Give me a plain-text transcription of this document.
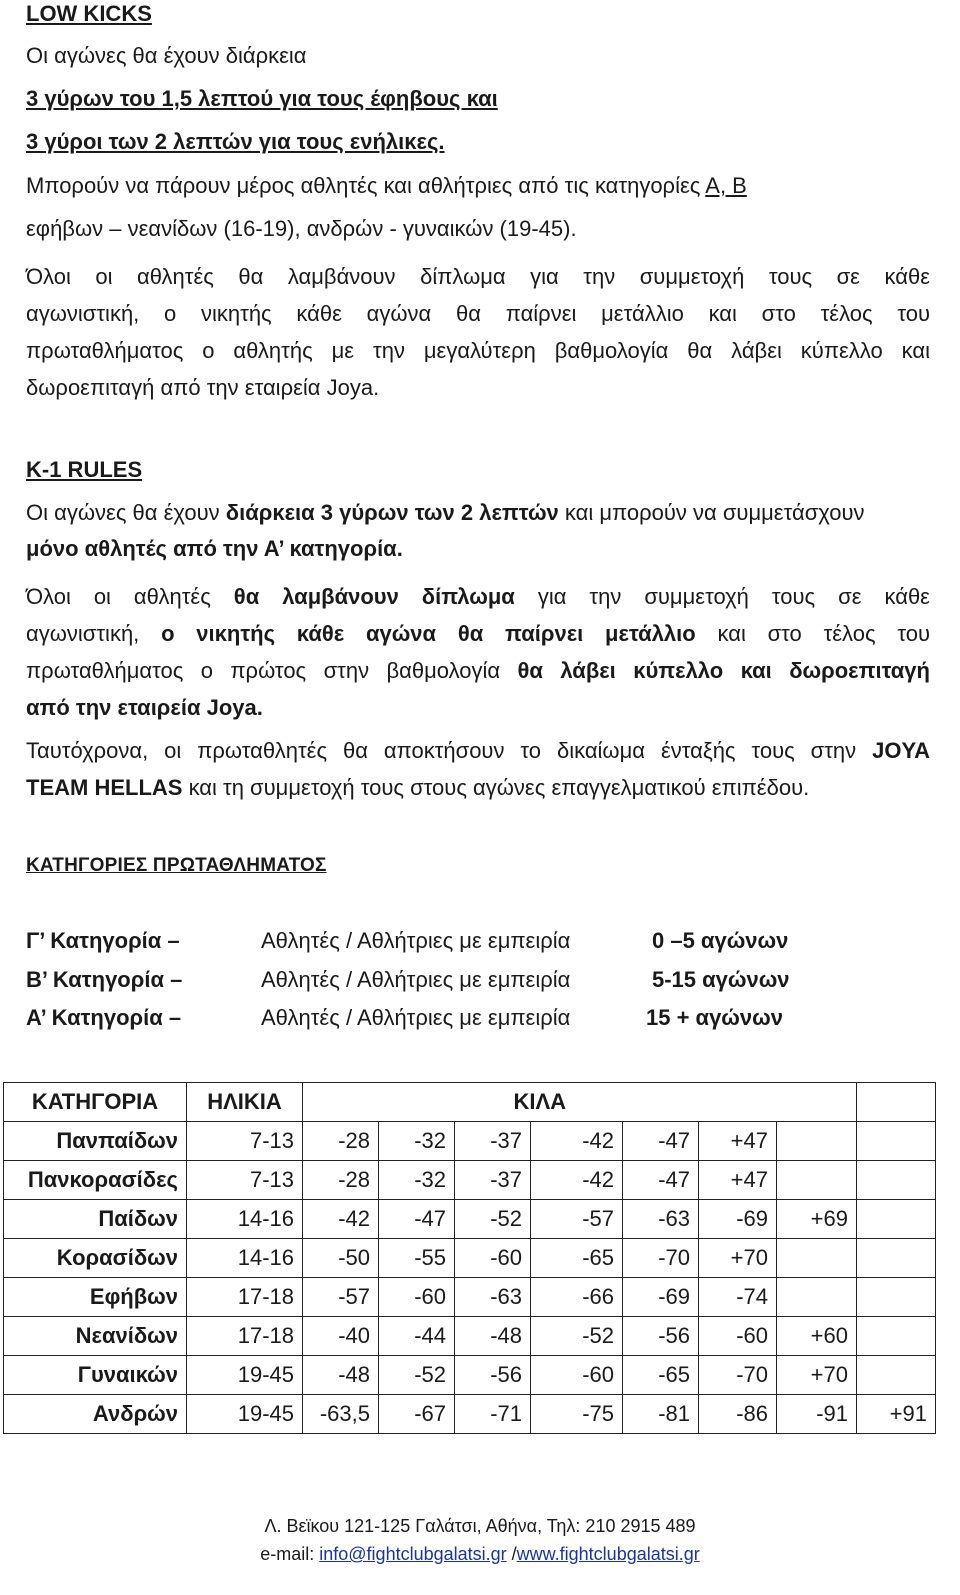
LOW KICKS
Οι αγώνες θα έχουν διάρκεια
3 γύρων του 1,5 λεπτού για τους έφηβους και
3 γύροι των 2 λεπτών για τους ενήλικες.
Μπορούν να πάρουν μέρος αθλητές και αθλήτριες από τις κατηγορίες Α, Β
εφήβων – νεανίδων (16-19), ανδρών - γυναικών (19-45).
Όλοι οι αθλητές θα λαμβάνουν δίπλωμα για την συμμετοχή τους σε κάθε
αγωνιστική, ο νικητής κάθε αγώνα θα παίρνει μετάλλιο και στο τέλος του
πρωταθλήματος ο αθλητής με την μεγαλύτερη βαθμολογία θα λάβει κύπελλο και
δωροεπιταγή από την εταιρεία Joya.
K-1 RULES
Οι αγώνες θα έχουν διάρκεια 3 γύρων των 2 λεπτών και μπορούν να συμμετάσχουν
μόνο αθλητές από την Α’ κατηγορία.
Όλοι οι αθλητές θα λαμβάνουν δίπλωμα για την συμμετοχή τους σε κάθε
αγωνιστική, ο νικητής κάθε αγώνα θα παίρνει μετάλλιο και στο τέλος του
πρωταθλήματος ο πρώτος στην βαθμολογία θα λάβει κύπελλο και δωροεπιταγή
από την εταιρεία Joya.
Ταυτόχρονα, οι πρωταθλητές θα αποκτήσουν το δικαίωμα ένταξής τους στην JOYA
TEAM HELLAS και τη συμμετοχή τους στους αγώνες επαγγελματικού επιπέδου.
ΚΑΤΗΓΟΡΙΕΣ ΠΡΩΤΑΘΛΗΜΑΤΟΣ
Γ’ Κατηγορία –	Αθλητές / Αθλήτριες με εμπειρία	0 –5 αγώνων
Β’ Κατηγορία –	Αθλητές / Αθλήτριες με εμπειρία	5-15 αγώνων
Α’ Κατηγορία –	Αθλητές / Αθλήτριες με εμπειρία	15 + αγώνων
ΚΑΤΗΓΟΡΙΑ	ΗΛΙΚΙΑ	ΚΙΛΑ							
Πανπαίδων	7-13	-28	-32	-37	-42	-47	+47		
Πανκορασίδες	7-13	-28	-32	-37	-42	-47	+47		
Παίδων	14-16	-42	-47	-52	-57	-63	-69	+69	
Κορασίδων	14-16	-50	-55	-60	-65	-70	+70		
Εφήβων	17-18	-57	-60	-63	-66	-69	-74		
Νεανίδων	17-18	-40	-44	-48	-52	-56	-60	+60	
Γυναικών	19-45	-48	-52	-56	-60	-65	-70	+70	
Ανδρών	19-45	-63,5	-67	-71	-75	-81	-86	-91	+91
Λ. Βεϊκου 121-125 Γαλάτσι, Αθήνα, Τηλ: 210 2915 489
e-mail: info@fightclubgalatsi.gr /www.fightclubgalatsi.gr
